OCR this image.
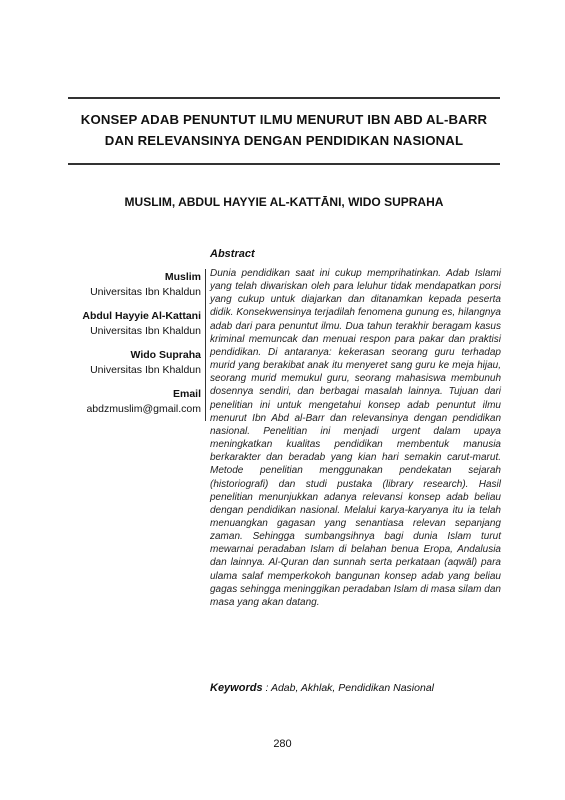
KONSEP ADAB PENUNTUT ILMU MENURUT IBN ABD AL-BARR
DAN RELEVANSINYA DENGAN PENDIDIKAN NASIONAL
MUSLIM, ABDUL HAYYIE AL-KATTĀNI, WIDO SUPRAHA
Abstract
Muslim
Universitas Ibn Khaldun
Abdul Hayyie Al-Kattani
Universitas Ibn Khaldun
Wido Supraha
Universitas Ibn Khaldun
Email
abdzmuslim@gmail.com
Dunia pendidikan saat ini cukup memprihatinkan. Adab Islami yang telah diwariskan oleh para leluhur tidak mendapatkan porsi yang cukup untuk diajarkan dan ditanamkan kepada peserta didik. Konsekwensinya terjadilah fenomena gunung es, hilangnya adab dari para penuntut ilmu. Dua tahun terakhir beragam kasus kriminal memuncak dan menuai respon para pakar dan praktisi pendidikan. Di antaranya: kekerasan seorang guru terhadap murid yang berakibat anak itu menyeret sang guru ke meja hijau, seorang murid memukul guru, seorang mahasiswa membunuh dosennya sendiri, dan berbagai masalah lainnya. Tujuan dari penelitian ini untuk mengetahui konsep adab penuntut ilmu menurut Ibn Abd al-Barr dan relevansinya dengan pendidikan nasional. Penelitian ini menjadi urgent dalam upaya meningkatkan kualitas pendidikan membentuk manusia berkarakter dan beradab yang kian hari semakin carut-marut. Metode penelitian menggunakan pendekatan sejarah (historiografi) dan studi pustaka (library research). Hasil penelitian menunjukkan adanya relevansi konsep adab beliau dengan pendidikan nasional. Melalui karya-karyanya itu ia telah menuangkan gagasan yang senantiasa relevan sepanjang zaman. Sehingga sumbangsihnya bagi dunia Islam turut mewarnai peradaban Islam di belahan benua Eropa, Andalusia dan lainnya. Al-Quran dan sunnah serta perkataan (aqwāl) para ulama salaf memperkokoh bangunan konsep adab yang beliau gagas sehingga meninggikan peradaban Islam di masa silam dan masa yang akan datang.
Keywords : Adab, Akhlak, Pendidikan Nasional
280
